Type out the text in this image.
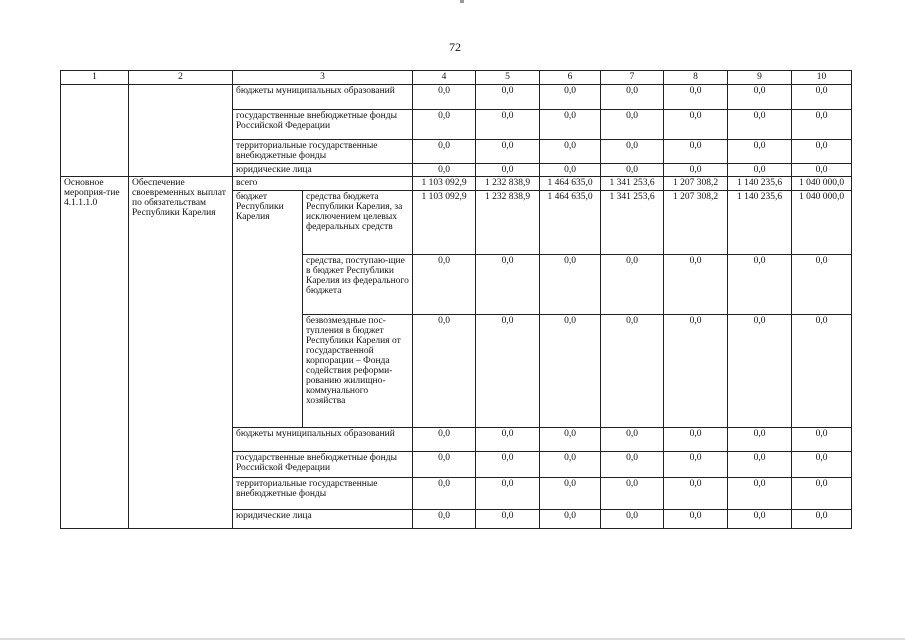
72
1	2	3		4	5	6	7	8	9	10
		бюджеты муниципальных образований		0,0	0,0	0,0	0,0	0,0	0,0	0,0
		государственные внебюджетные фонды Российской Федерации		0,0	0,0	0,0	0,0	0,0	0,0	0,0
		территориальные государственные внебюджетные фонды		0,0	0,0	0,0	0,0	0,0	0,0	0,0
		юридические лица		0,0	0,0	0,0	0,0	0,0	0,0	0,0
Основное мероприя-тие 4.1.1.1.0	Обеспечение своевременных выплат по обязательствам Республики Карелия	всего		1 103 092,9	1 232 838,9	1 464 635,0	1 341 253,6	1 207 308,2	1 140 235,6	1 040 000,0
		бюджет Республики Карелия	средства бюджета Республики Карелия, за исключением целевых федеральных средств	1 103 092,9	1 232 838,9	1 464 635,0	1 341 253,6	1 207 308,2	1 140 235,6	1 040 000,0
			средства, поступаю-щие в бюджет Республики Карелия из федерального бюджета	0,0	0,0	0,0	0,0	0,0	0,0	0,0
			безвозмездные пос-тупления в бюджет Республики Карелия от государственной корпорации – Фонда содействия реформи-рованию жилищно-коммунального хозяйства	0,0	0,0	0,0	0,0	0,0	0,0	0,0
		бюджеты муниципальных образований		0,0	0,0	0,0	0,0	0,0	0,0	0,0
		государственные внебюджетные фонды Российской Федерации		0,0	0,0	0,0	0,0	0,0	0,0	0,0
		территориальные государственные внебюджетные фонды		0,0	0,0	0,0	0,0	0,0	0,0	0,0
		юридические лица		0,0	0,0	0,0	0,0	0,0	0,0	0,0
